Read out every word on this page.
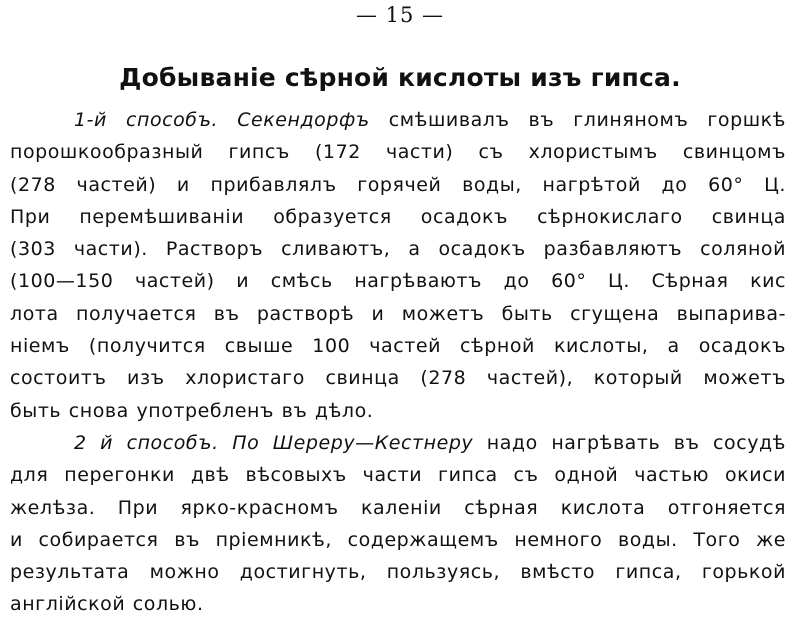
— 15 —
Добываніе сѣрной кислоты изъ гипса.
1-й способъ. Секендорфъ смѣшивалъ въ глиняномъ горшкѣ
порошкообразный гипсъ (172 части) съ хлористымъ свинцомъ
(278 частей) и прибавлялъ горячей воды, нагрѣтой до 60° Ц.
При перемѣшиваніи образуется осадокъ сѣрнокислаго свинца
(303 части). Растворъ сливаютъ, а осадокъ разбавляютъ соляной
(100—150 частей) и смѣсь нагрѣваютъ до 60° Ц. Сѣрная кис
лота получается въ растворѣ и можетъ быть сгущена выпарива-
ніемъ (получится свыше 100 частей сѣрной кислоты, а осадокъ
состоитъ изъ хлористаго свинца (278 частей), который можетъ
быть снова употребленъ въ дѣло.
2 й способъ. По Шереру—Кестнеру надо нагрѣвать въ сосудѣ
для перегонки двѣ вѣсовыхъ части гипса съ одной частью окиси
желѣза. При ярко-красномъ каленіи сѣрная кислота отгоняется
и собирается въ пріемникѣ, содержащемъ немного воды. Того же
результата можно достигнуть, пользуясь, вмѣсто гипса, горькой
англійской солью.
